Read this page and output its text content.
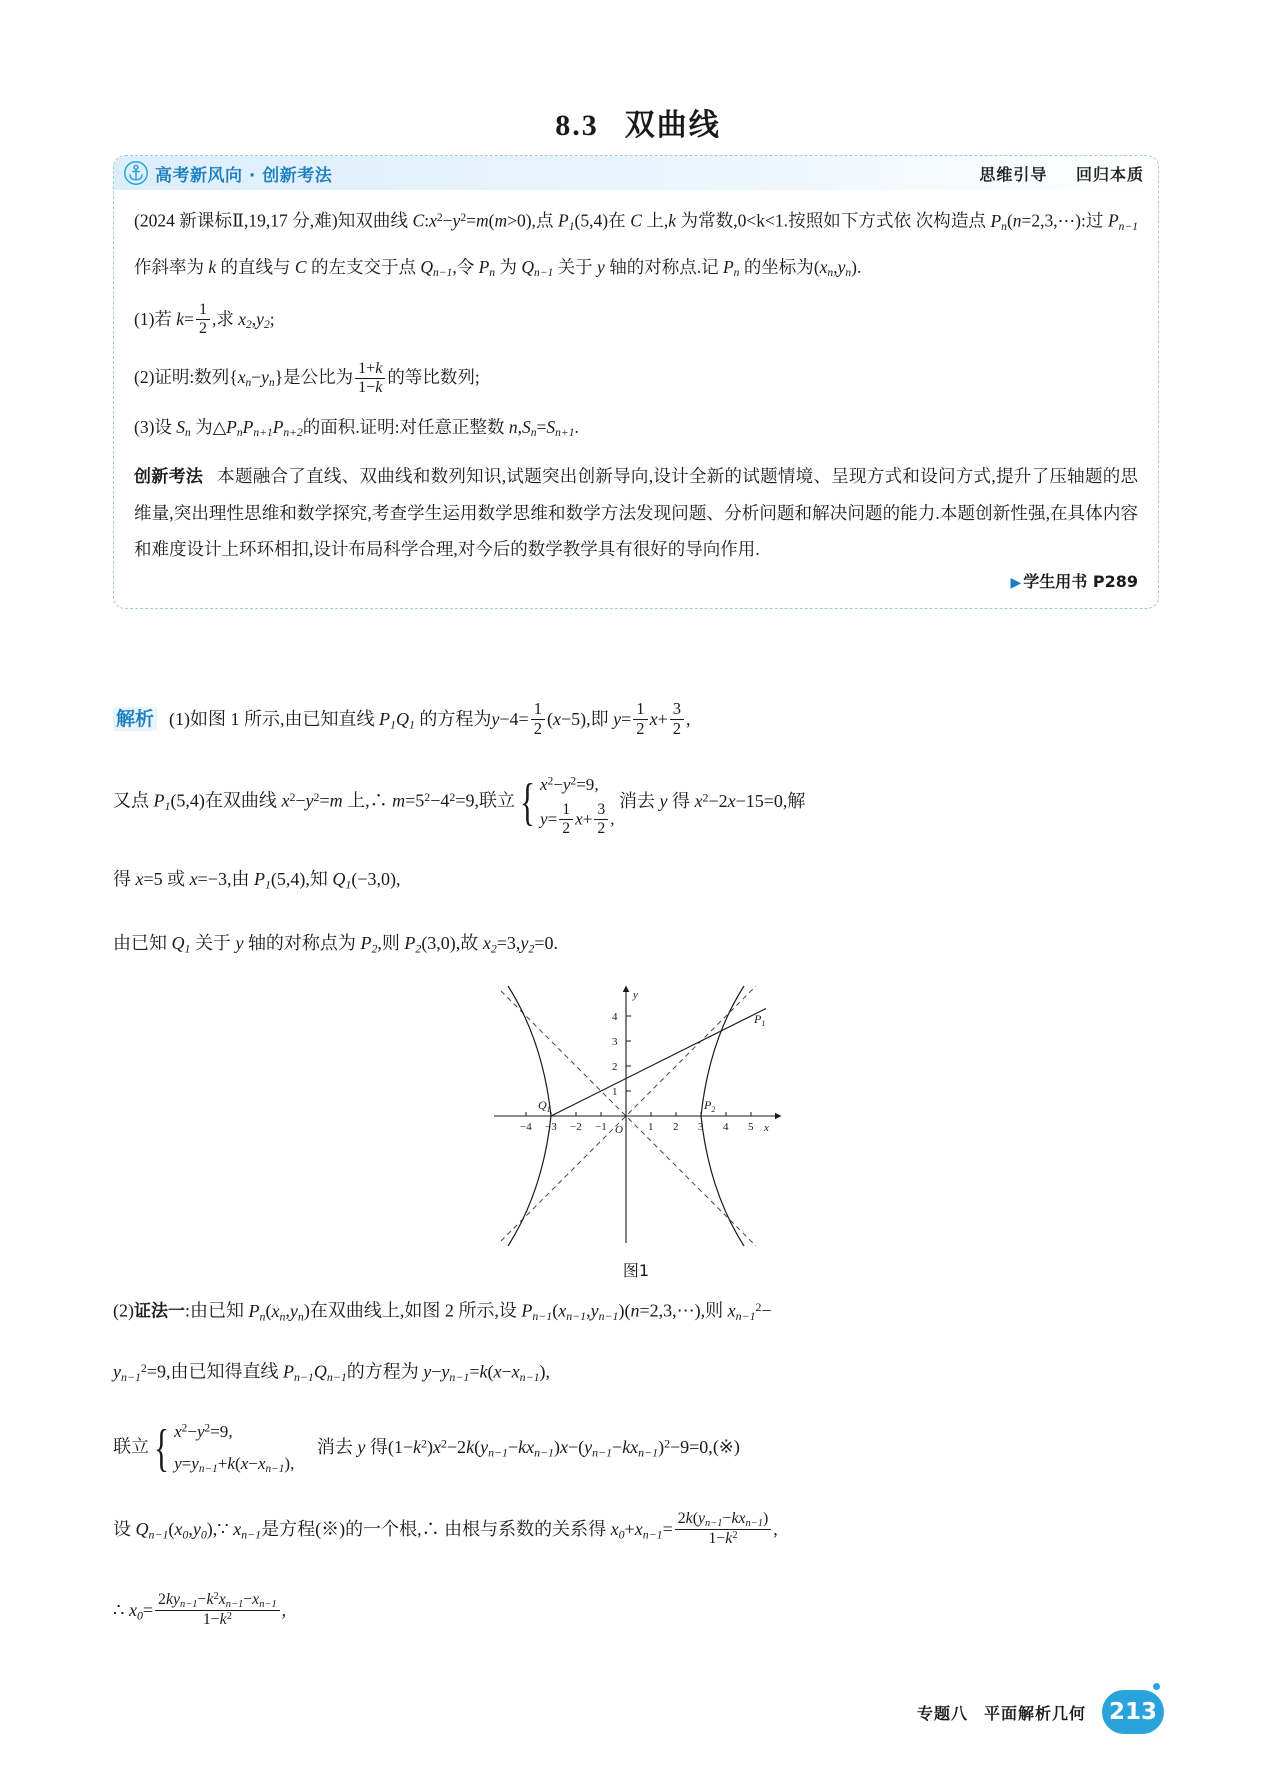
8.3 双曲线
高考新风向 · 创新考法	思维引导 回归本质
(2024 新课标Ⅱ,19,17 分,难)知双曲线 $C:x^2-y^2=m(m>0)$,点 $P_1(5,4)$在 C 上,k 为常数,0<k<1.按照如下方式依 次构造点 $P_n(n=2,3,\cdots)$:过 $P_{n-1}$作斜率为 k 的直线与 C 的左支交于点 $Q_{n-1}$,令 $P_n$ 为 $Q_{n-1}$ 关于 y 轴的对称点.记 $P_n$ 的坐标为$(x_n,y_n)$.
(1)若 $k= \frac{1}{2}$ ,求 $x_2,y_2$;
(2)证明:数列$\{x_n-y_n\}$是公比为 $\frac{1+k}{1-k}$ 的等比数列;
(3)设 $S_n$ 为$\triangle P_nP_{n+1}P_{n+2}$的面积.证明:对任意正整数 $n,S_n=S_{n+1}$.
创新考法 本题融合了直线、双曲线和数列知识,试题突出创新导向,设计全新的试题情境、呈现方式和设问方式,提升了压轴题的思维量,突出理性思维和数学探究,考查学生运用数学思维和数学方法发现问题、分析问题和解决问题的能力.本题创新性强,在具体内容和难度设计上环环相扣,设计布局科学合理,对今后的数学教学具有很好的导向作用.
▶ 学生用书 P289
解析 (1)如图 1 所示,由已知直线 $P_1Q_1$ 的方程为$y-4= \frac{1}{2} (x-5)$,即 $y= \frac{1}{2} x+ \frac{3}{2}$ ,
又点 $P_1(5,4)$在双曲线 $x^2-y^2=m$ 上,∴ $m=5^2-4^2=9$,联立 { $x^2-y^2=9$,
$y= \frac{1}{2} x+ \frac{3}{2}$ ,
消去 y 得 $x^2-2x-15=0$,解
得 x=5 或 x=−3,由 $P_1(5,4)$,知 $Q_1(-3,0)$,
由已知 $Q_1$ 关于 y 轴的对称点为 $P_2$,则 $P_2(3,0)$,故 $x_2=3,y_2=0$.
−4 −3 −2 −1	1 2 3 4 5
O	x
y
1
2
3
4
$Q_1$	$P_2$
$P_1$
图1
(2)证法一:由已知 $P_n(x_n,y_n)$在双曲线上,如图 2 所示,设 $P_{n-1}(x_{n-1},y_{n-1})(n=2,3,\cdots)$,则 $x_{n-1}^2-$
$y_{n-1}^2=9$,由已知得直线 $P_{n-1}Q_{n-1}$的方程为 $y-y_{n-1}=k(x-x_{n-1})$,
联立 { $x^2-y^2=9$,
$y=y_{n-1}+k(x-x_{n-1})$,
消去 y 得$(1-k^2)x^2-2k(y_{n-1}-kx_{n-1})x-(y_{n-1}-kx_{n-1})^2-9=0,(※)$
设 $Q_{n-1}(x_0,y_0),\because$ $x_{n-1}$是方程(※)的一个根,∴ 由根与系数的关系得 $x_0+x_{n-1}= \frac{2k(y_{n-1}-kx_{n-1})}{1-k^2}$ ,
∴ $x_0= \frac{2ky_{n-1}-k^2x_{n-1}-x_{n-1}}{1-k^2}$ ,
专题八 平面解析几何 213
